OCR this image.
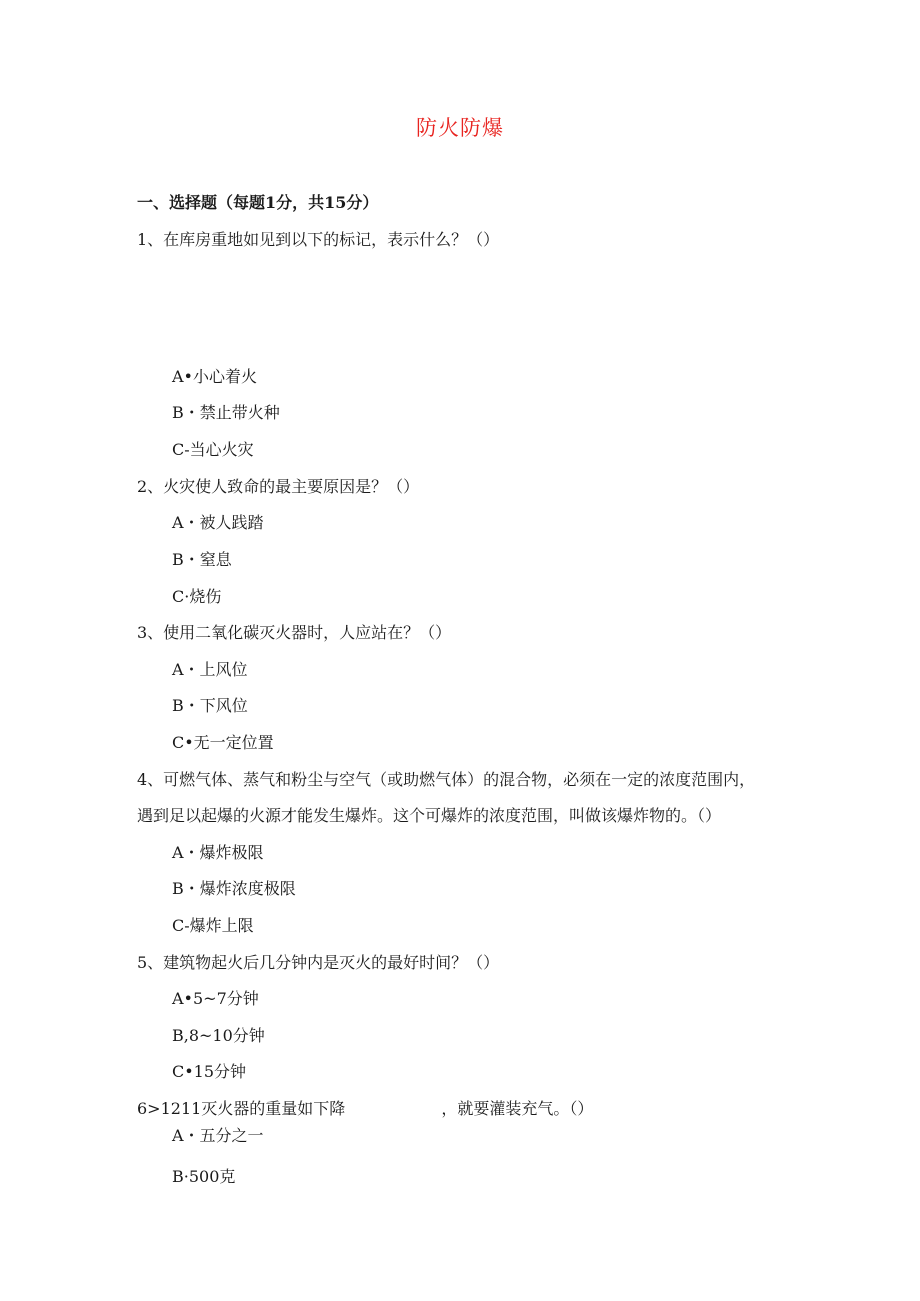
防火防爆
一、选择题（每题1分，共15分）
1、在库房重地如见到以下的标记，表示什么？（）
A•小心着火
B・禁止带火种
C-当心火灾
2、火灾使人致命的最主要原因是？（）
A・被人践踏
B・窒息
C·烧伤
3、使用二氧化碳灭火器时，人应站在？（）
A・上风位
B・下风位
C•无一定位置
4、可燃气体、蒸气和粉尘与空气（或助燃气体）的混合物，必须在一定的浓度范围内，
遇到足以起爆的火源才能发生爆炸。这个可爆炸的浓度范围，叫做该爆炸物的。（）
A・爆炸极限
B・爆炸浓度极限
C-爆炸上限
5、建筑物起火后几分钟内是灭火的最好时间？（）
A•5~7分钟
B,8~10分钟
C•15分钟
6>1211灭火器的重量如下降	，就要灌装充气。（）
A・五分之一
B·500克
